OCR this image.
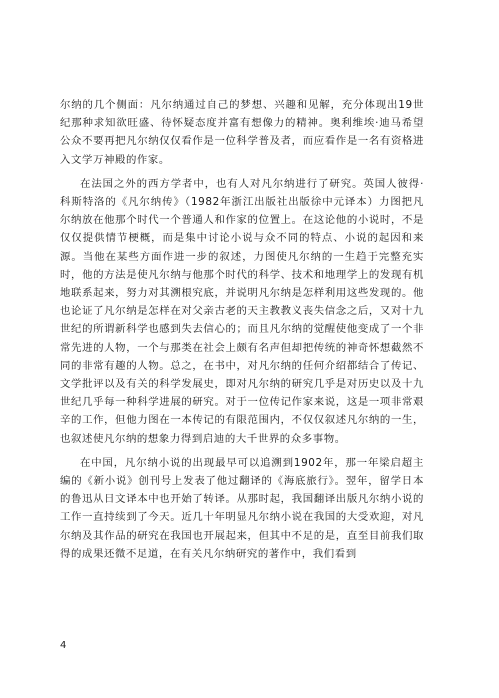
尔纳的几个侧面：凡尔纳通过自己的梦想、兴趣和见解，充分体现出19世纪那种求知欲旺盛、待怀疑态度并富有想像力的精神。奥利维埃·迪马希望公众不要再把凡尔纳仅仅看作是一位科学普及者，而应看作是一名有资格进入文学万神殿的作家。

在法国之外的西方学者中，也有人对凡尔纳进行了研究。英国人彼得·科斯特洛的《凡尔纳传》（1982年浙江出版社出版徐中元译本）力图把凡尔纳放在他那个时代一个普通人和作家的位置上。在这论他的小说时，不是仅仅提供情节梗概，而是集中讨论小说与众不同的特点、小说的起因和来源。当他在某些方面作进一步的叙述，力图使凡尔纳的一生趋于完整充实时，他的方法是使凡尔纳与他那个时代的科学、技术和地理学上的发现有机地联系起来，努力对其溯根究底，并说明凡尔纳是怎样利用这些发现的。他也论证了凡尔纳是怎样在对父亲古老的天主教教义丧失信念之后，又对十九世纪的所谓新科学也感到失去信心的；而且凡尔纳的觉醒使他变成了一个非常先进的人物，一个与那类在社会上颇有名声但却把传统的神奇怀想截然不同的非常有趣的人物。总之，在书中，对凡尔纳的任何介绍都结合了传记、文学批评以及有关的科学发展史，即对凡尔纳的研究几乎是对历史以及十九世纪几乎每一种科学进展的研究。对于一位传记作家来说，这是一项非常艰辛的工作，但他力图在一本传记的有限范围内，不仅仅叙述凡尔纳的一生，也叙述使凡尔纳的想象力得到启迪的大千世界的众多事物。

在中国，凡尔纳小说的出现最早可以追溯到1902年，那一年梁启超主编的《新小说》创刊号上发表了他过翻译的《海底旅行》。翌年，留学日本的鲁迅从日文译本中也开始了转译。从那时起，我国翻译出版凡尔纳小说的工作一直持续到了今天。近几十年明显凡尔纳小说在我国的大受欢迎，对凡尔纳及其作品的研究在我国也开展起来，但其中不足的是，直至目前我们取得的成果还微不足道，在有关凡尔纳研究的著作中，我们看到

4
